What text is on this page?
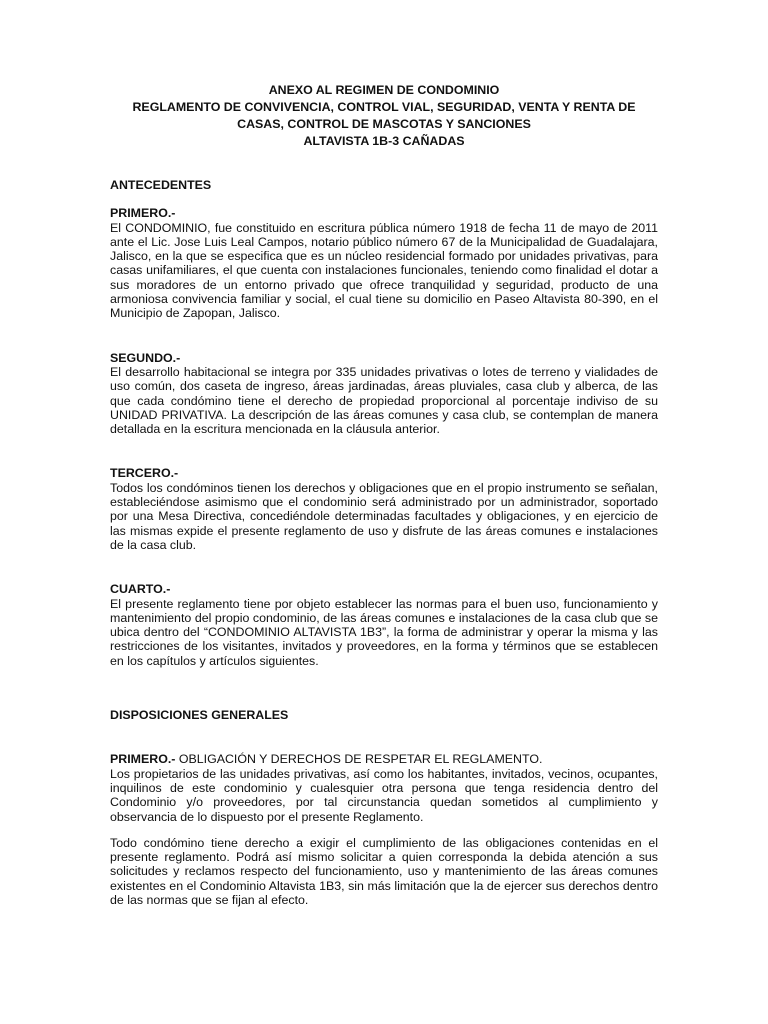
ANEXO AL REGIMEN DE CONDOMINIO
REGLAMENTO DE CONVIVENCIA, CONTROL VIAL, SEGURIDAD, VENTA Y RENTA DE
CASAS, CONTROL DE MASCOTAS Y SANCIONES
ALTAVISTA 1B-3 CAÑADAS
ANTECEDENTES
PRIMERO.-
El CONDOMINIO, fue constituido en escritura pública número 1918 de fecha 11 de mayo de 2011 ante el Lic. Jose Luis Leal Campos, notario público número 67 de la Municipalidad de Guadalajara, Jalisco, en la que se especifica que es un núcleo residencial formado por unidades privativas, para casas unifamiliares, el que cuenta con instalaciones funcionales, teniendo como finalidad el dotar a sus moradores de un entorno privado que ofrece tranquilidad y seguridad, producto de una armoniosa convivencia familiar y social, el cual tiene su domicilio en Paseo Altavista 80-390, en el Municipio de Zapopan, Jalisco.
SEGUNDO.-
El desarrollo habitacional se integra por 335 unidades privativas o lotes de terreno y vialidades de uso común, dos caseta de ingreso, áreas jardinadas, áreas pluviales, casa club y alberca, de las que cada condómino tiene el derecho de propiedad proporcional al porcentaje indiviso de su UNIDAD PRIVATIVA. La descripción de las áreas comunes y casa club, se contemplan de manera detallada en la escritura mencionada en la cláusula anterior.
TERCERO.-
Todos los condóminos tienen los derechos y obligaciones que en el propio instrumento se señalan, estableciéndose asimismo que el condominio será administrado por un administrador, soportado por una Mesa Directiva, concediéndole determinadas facultades y obligaciones, y en ejercicio de las mismas expide el presente reglamento de uso y disfrute de las áreas comunes e instalaciones de la casa club.
CUARTO.-
El presente reglamento tiene por objeto establecer las normas para el buen uso, funcionamiento y mantenimiento del propio condominio, de las áreas comunes e instalaciones de la casa club que se ubica dentro del “CONDOMINIO ALTAVISTA 1B3”, la forma de administrar y operar la misma y las restricciones de los visitantes, invitados y proveedores, en la forma y términos que se establecen en los capítulos y artículos siguientes.
DISPOSICIONES GENERALES
PRIMERO.- OBLIGACIÓN Y DERECHOS DE RESPETAR EL REGLAMENTO.
Los propietarios de las unidades privativas, así como los habitantes, invitados, vecinos, ocupantes, inquilinos de este condominio y cualesquier otra persona que tenga residencia dentro del Condominio y/o proveedores, por tal circunstancia quedan sometidos al cumplimiento y observancia de lo dispuesto por el presente Reglamento.
Todo condómino tiene derecho a exigir el cumplimiento de las obligaciones contenidas en el presente reglamento. Podrá así mismo solicitar a quien corresponda la debida atención a sus solicitudes y reclamos respecto del funcionamiento, uso y mantenimiento de las áreas comunes existentes en el Condominio Altavista 1B3, sin más limitación que la de ejercer sus derechos dentro de las normas que se fijan al efecto.
